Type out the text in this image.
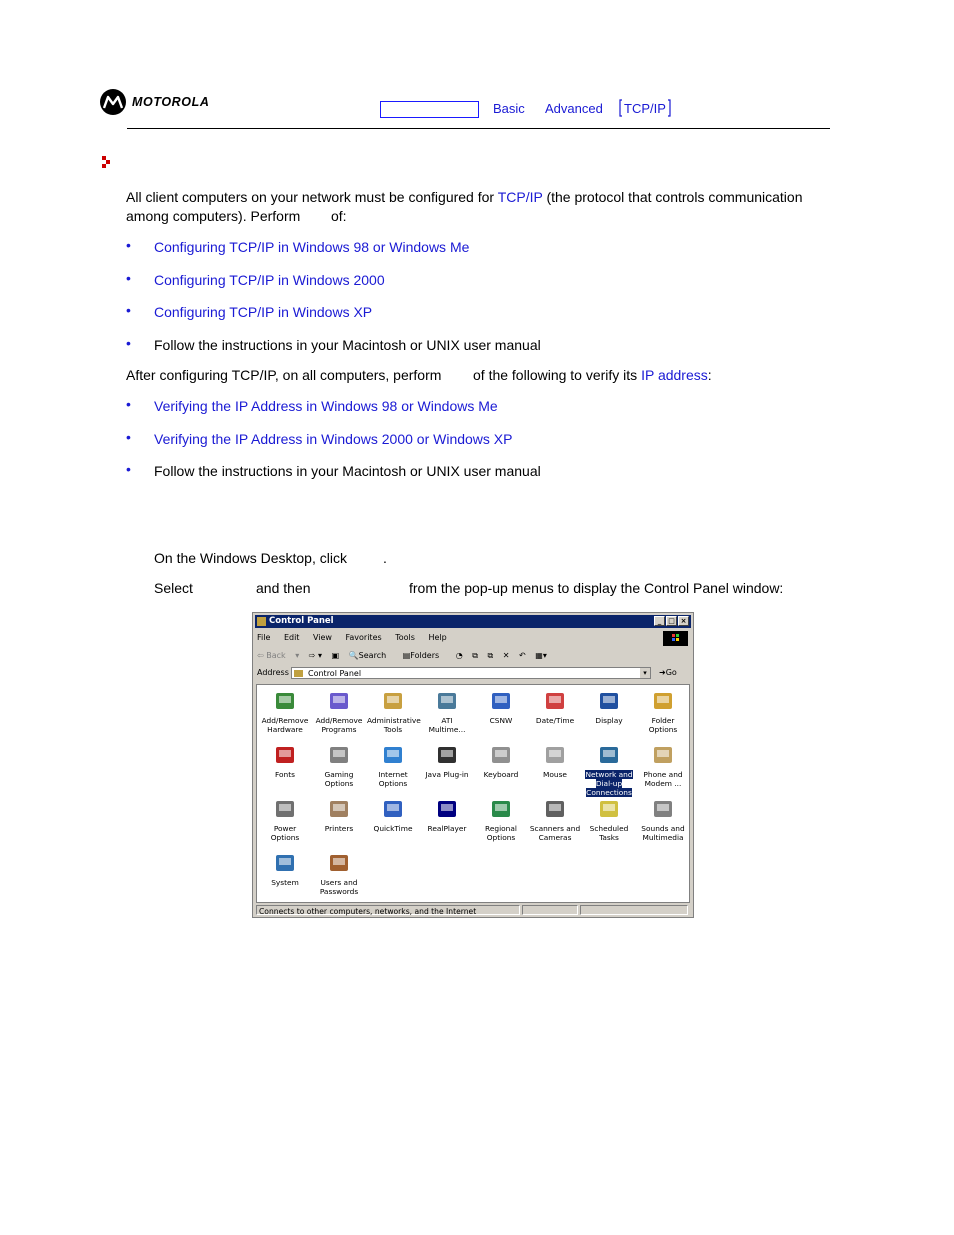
MOTOROLA	Basic Advanced TCP/IP
All client computers on your network must be configured for TCP/IP (the protocol that controls communication
among computers). Perform of:
• Configuring TCP/IP in Windows 98 or Windows Me
• Configuring TCP/IP in Windows 2000
• Configuring TCP/IP in Windows XP
• Follow the instructions in your Macintosh or UNIX user manual
After configuring TCP/IP, on all computers, perform of the following to verify its IP address:
• Verifying the IP Address in Windows 98 or Windows Me
• Verifying the IP Address in Windows 2000 or Windows XP
• Follow the instructions in your Macintosh or UNIX user manual
On the Windows Desktop, click	.
Select	and then	from the pop-up menus to display the Control Panel window:
Control Panel	_ □ ×
File Edit View Favorites Tools Help
⇦ Back ▾ ⇨ ▾ ▣ 🔍Search ▤Folders ◔ ⧉ ⧉ ✕ ↶ ▦▾
Address	Control Panel	▾	➜Go
Add/Remove
Hardware
Add/Remove
Programs
Administrative
Tools
ATI
Multime...
CSNW	Date/Time	Display	Folder
Options
Fonts	Gaming
Options
Internet
Options
Java Plug-in	Keyboard	Mouse	Network and
Dial-up
Connections
Phone and
Modem ...
Power
Options
Printers	QuickTime	RealPlayer	Regional
Options
Scanners and
Cameras
Scheduled
Tasks
Sounds and
Multimedia
System	Users and
Passwords
Connects to other computers, networks, and the Internet
